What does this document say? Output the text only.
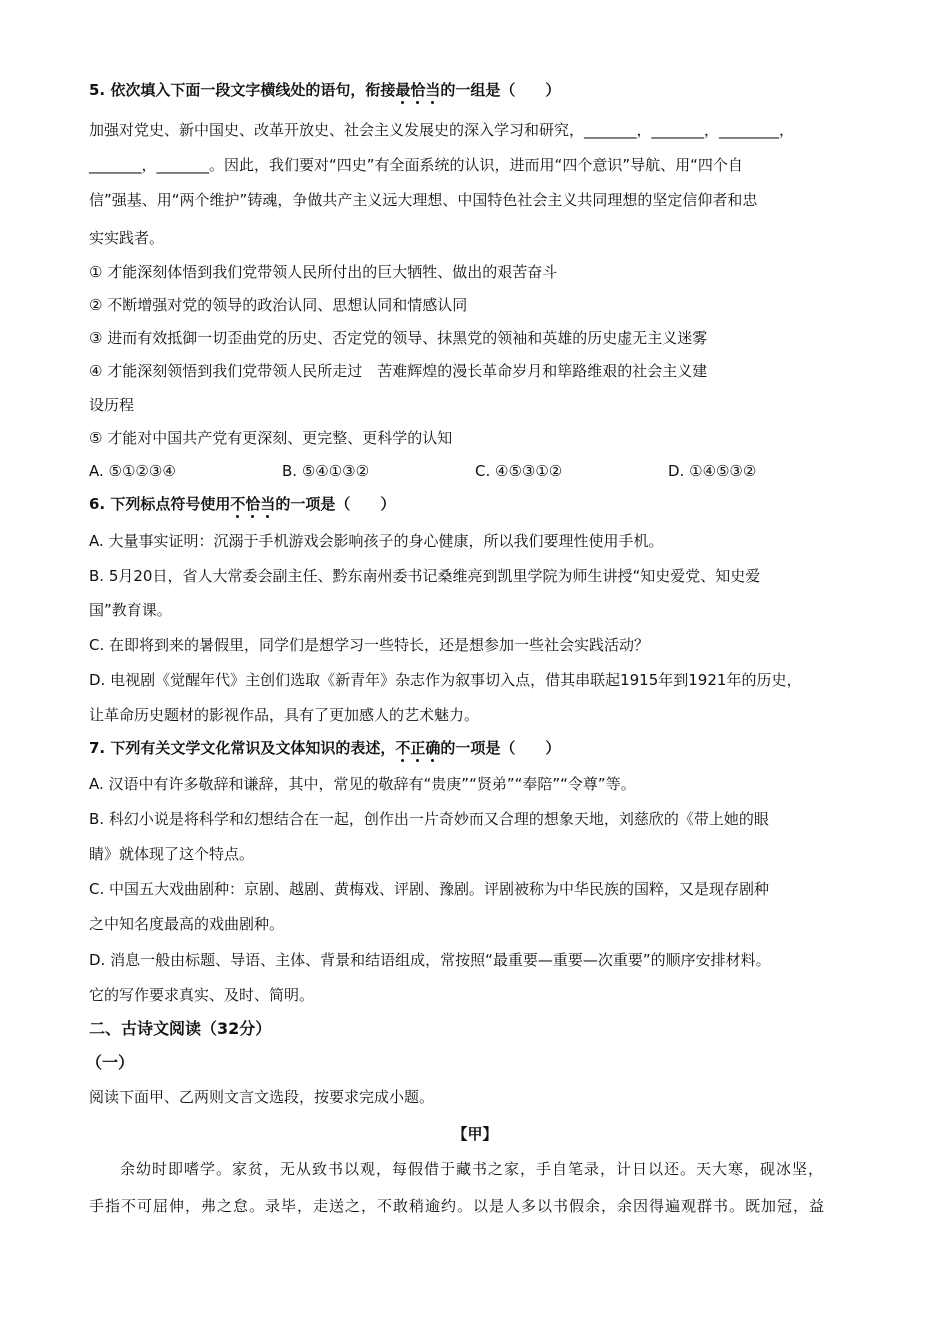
5. 依次填入下面一段文字横线处的语句，衔接最恰当的一组是（　　）
加强对党史、新中国史、改革开放史、社会主义发展史的深入学习和研究，_______，_______，________，
_______，_______。因此，我们要对“四史”有全面系统的认识，进而用“四个意识”导航、用“四个自
信”强基、用“两个维护”铸魂，争做共产主义远大理想、中国特色社会主义共同理想的坚定信仰者和忠
实实践者。
① 才能深刻体悟到我们党带领人民所付出的巨大牺牲、做出的艰苦奋斗
② 不断增强对党的领导的政治认同、思想认同和情感认同
③ 进而有效抵御一切歪曲党的历史、否定党的领导、抹黑党的领袖和英雄的历史虚无主义迷雾
④ 才能深刻领悟到我们党带领人民所走过　苦难辉煌的漫长革命岁月和筚路维艰的社会主义建
设历程
⑤ 才能对中国共产党有更深刻、更完整、更科学的认知
A. ⑤①②③④	B. ⑤④①③②	C. ④⑤③①②	D. ①④⑤③②
6. 下列标点符号使用不恰当的一项是（　　）
A. 大量事实证明：沉溺于手机游戏会影响孩子的身心健康，所以我们要理性使用手机。
B. 5月20日，省人大常委会副主任、黔东南州委书记桑维亮到凯里学院为师生讲授“知史爱党、知史爱
国”教育课。
C. 在即将到来的暑假里，同学们是想学习一些特长，还是想参加一些社会实践活动？
D. 电视剧《觉醒年代》主创们选取《新青年》杂志作为叙事切入点，借其串联起1915年到1921年的历史，
让革命历史题材的影视作品，具有了更加感人的艺术魅力。
7. 下列有关文学文化常识及文体知识的表述，不正确的一项是（　　）
A. 汉语中有许多敬辞和谦辞，其中，常见的敬辞有“贵庚”“贤弟”“奉陪”“令尊”等。
B. 科幻小说是将科学和幻想结合在一起，创作出一片奇妙而又合理的想象天地，刘慈欣的《带上她的眼
睛》就体现了这个特点。
C. 中国五大戏曲剧种：京剧、越剧、黄梅戏、评剧、豫剧。评剧被称为中华民族的国粹，又是现存剧种
之中知名度最高的戏曲剧种。
D. 消息一般由标题、导语、主体、背景和结语组成，常按照“最重要—重要—次重要”的顺序安排材料。
它的写作要求真实、及时、简明。
二、古诗文阅读（32分）
（一）
阅读下面甲、乙两则文言文选段，按要求完成小题。
【甲】
余幼时即嗜学。家贫，无从致书以观，每假借于藏书之家，手自笔录，计日以还。天大寒，砚冰坚，
手指不可屈伸，弗之怠。录毕，走送之，不敢稍逾约。以是人多以书假余，余因得遍观群书。既加冠，益
